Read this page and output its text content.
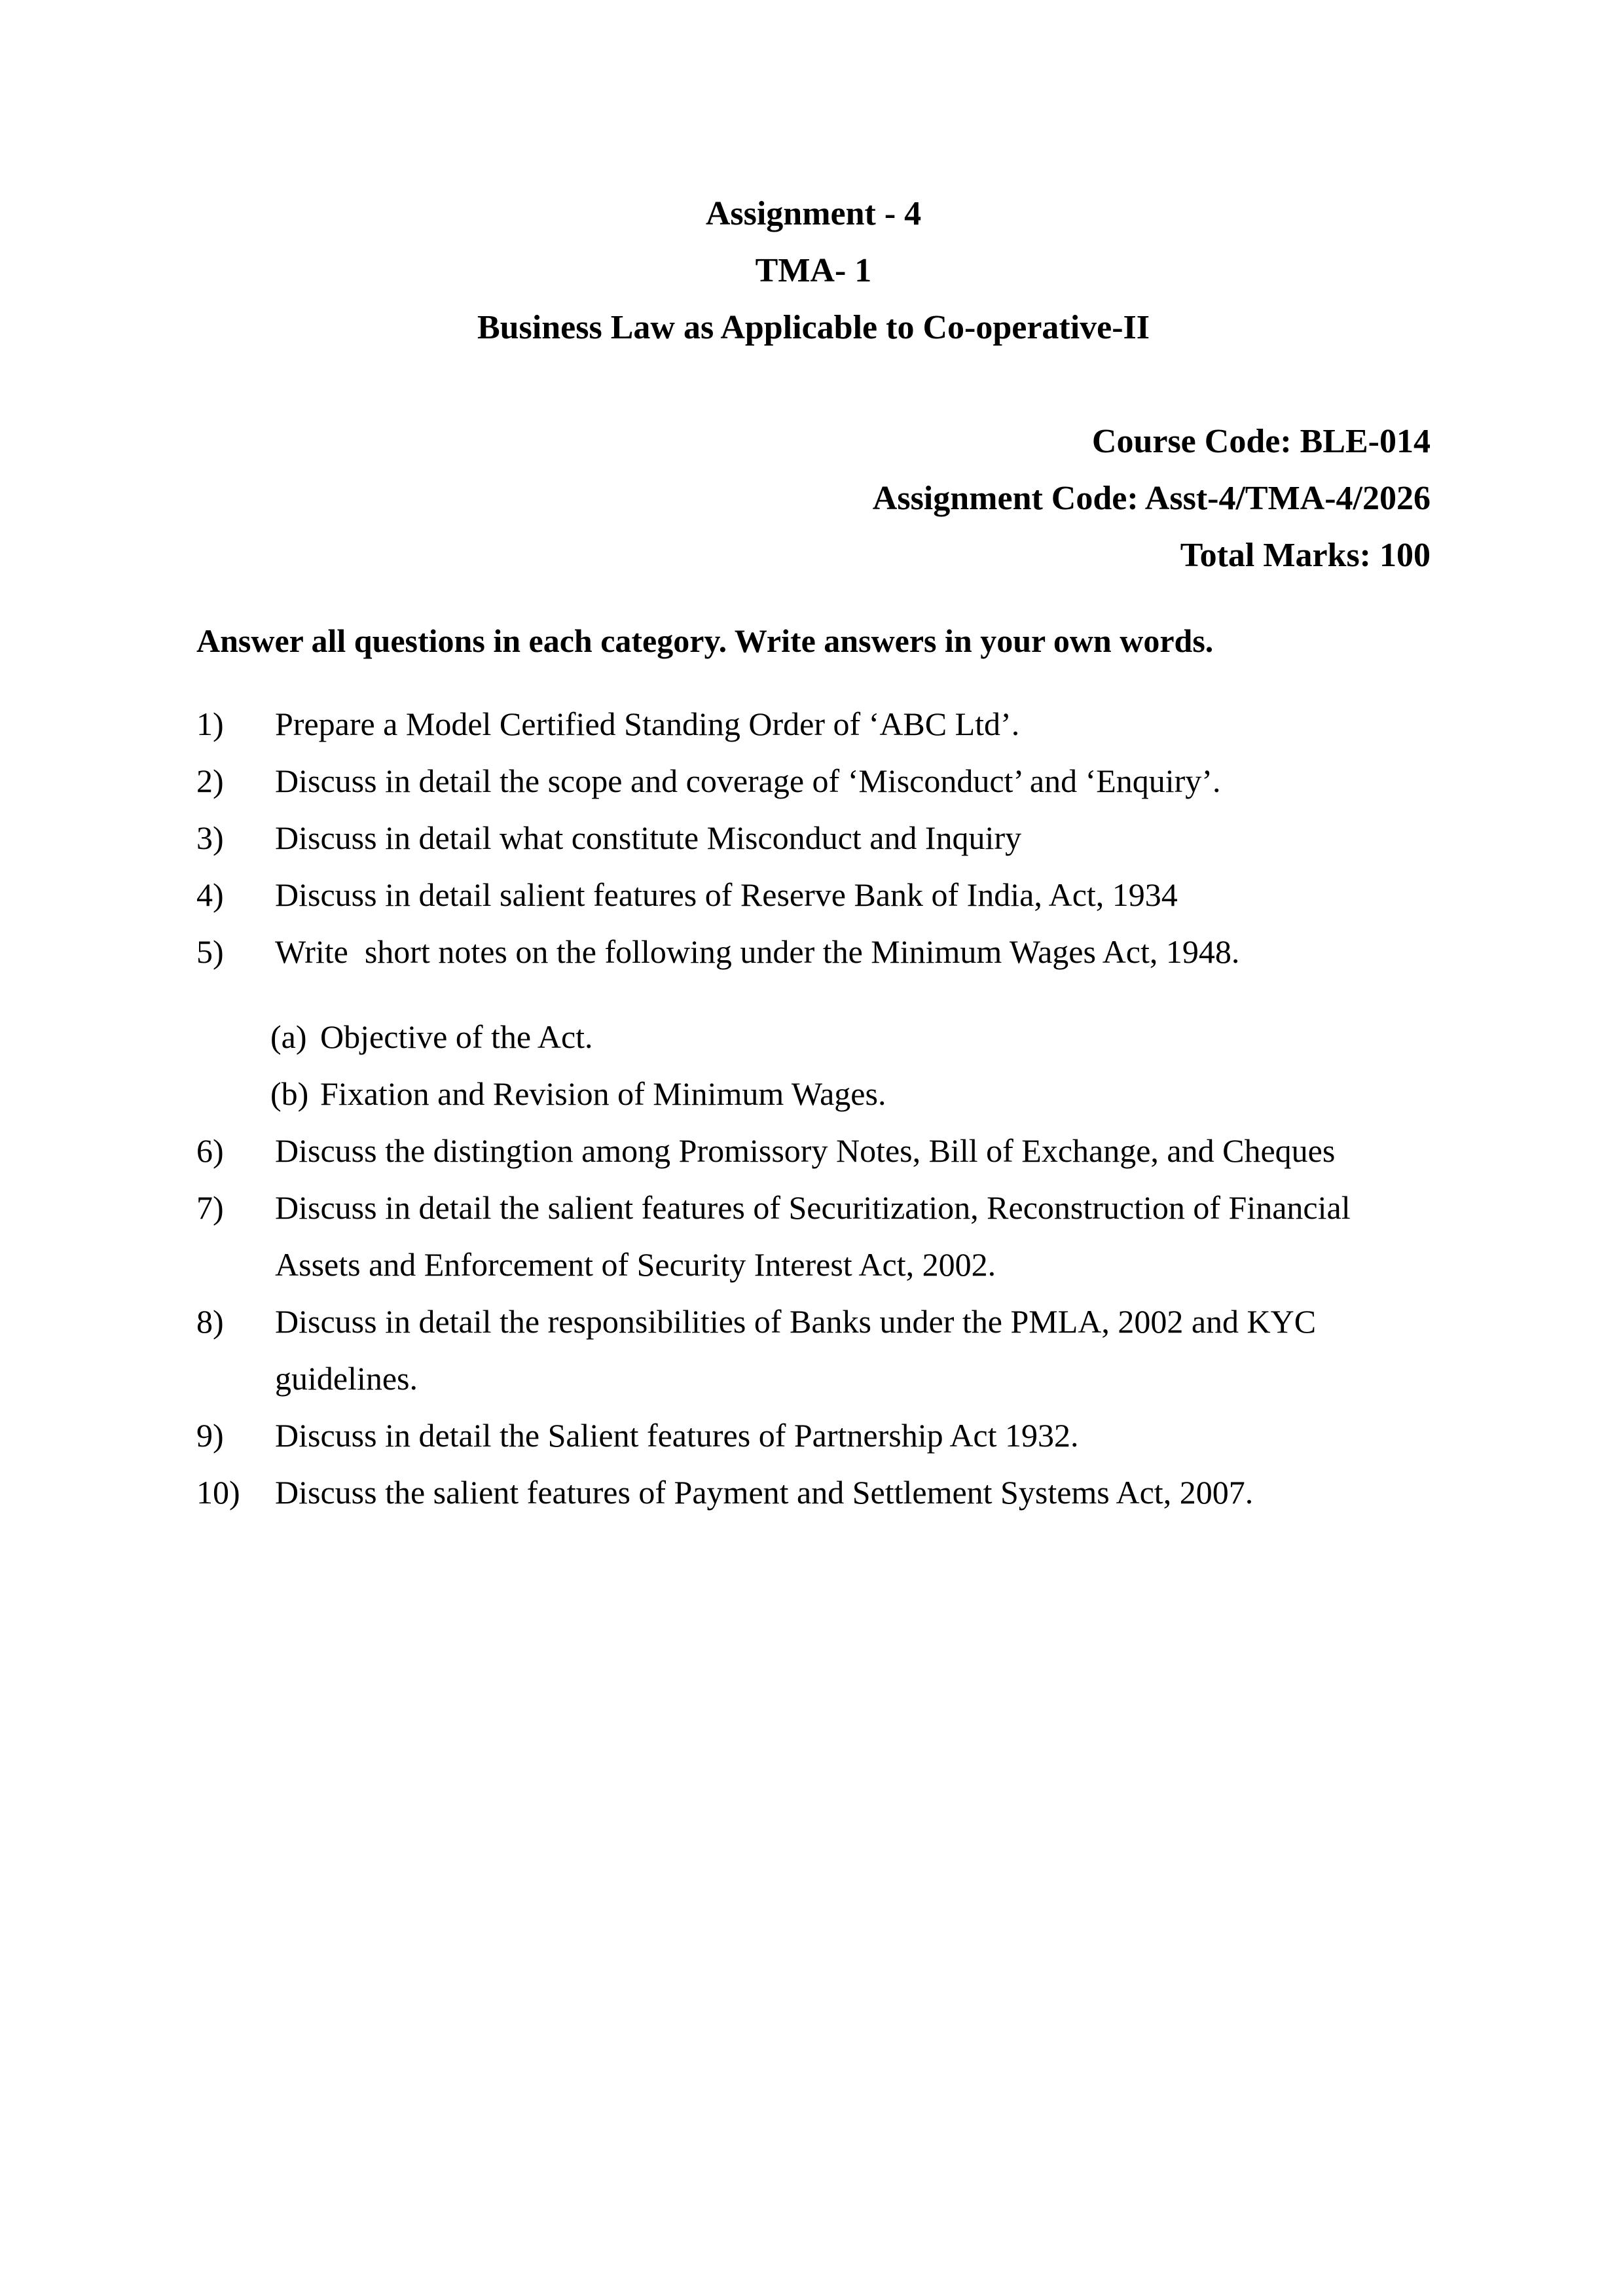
Assignment - 4
TMA- 1
Business Law as Applicable to Co-operative-II
Course Code: BLE-014
Assignment Code: Asst-4/TMA-4/2026
Total Marks: 100
Answer all questions in each category. Write answers in your own words.
1)	Prepare a Model Certified Standing Order of ‘ABC Ltd’.
2)	Discuss in detail the scope and coverage of ‘Misconduct’ and ‘Enquiry’.
3)	Discuss in detail what constitute Misconduct and Inquiry
4)	Discuss in detail salient features of Reserve Bank of India, Act, 1934
5)	Write  short notes on the following under the Minimum Wages Act, 1948.
(a) Objective of the Act.
(b) Fixation and Revision of Minimum Wages.
6)	Discuss the distingtion among Promissory Notes, Bill of Exchange, and Cheques
7)	Discuss in detail the salient features of Securitization, Reconstruction of Financial
Assets and Enforcement of Security Interest Act, 2002.
8)	Discuss in detail the responsibilities of Banks under the PMLA, 2002 and KYC
guidelines.
9)	Discuss in detail the Salient features of Partnership Act 1932.
10)	Discuss the salient features of Payment and Settlement Systems Act, 2007.
